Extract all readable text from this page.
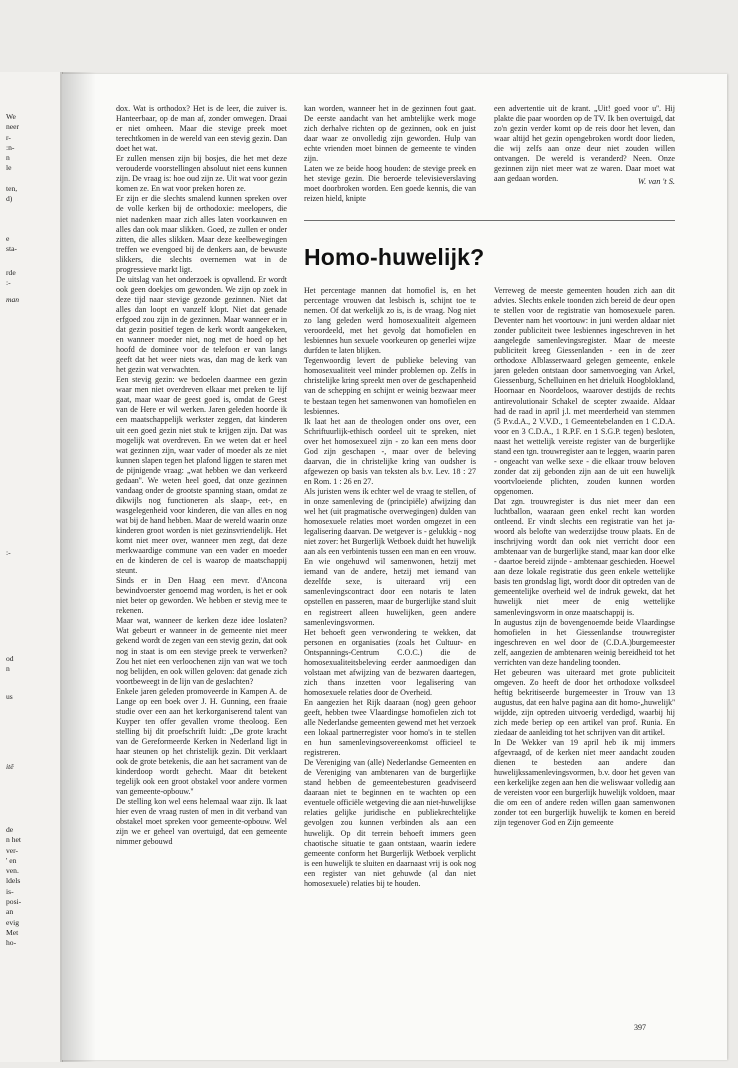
We
neer
r-
:n-
n
le
ten,
d)
e
sta-
rde
:-
man
:-
od
n
us
itê
de
n het
ver-
' en
ven.
ldels
is-
posi-
an
evig
Met
ho-

dox. Wat is orthodox? Het is de leer, die zuiver is. Hanteerbaar, op de man af, zonder omwegen. Draai er niet omheen. Maar die stevige preek moet terechtkomen in de wereld van een stevig gezin. Dan doet het wat.

Er zullen mensen zijn bij bosjes, die het met deze verouderde voorstellingen absoluut niet eens kunnen zijn. De vraag is: hoe oud zijn ze. Uit wat voor gezin komen ze. En wat voor preken horen ze.

Er zijn er die slechts smalend kunnen spreken over de volle kerken bij de orthodoxie: meelopers, die niet nadenken maar zich alles laten voorkauwen en alles dan ook maar slikken. Goed, ze zullen er onder zitten, die alles slikken. Maar deze keelbewegingen treffen we evengoed bij de denkers aan, de bewuste slikkers, die slechts overnemen wat in de progressieve markt ligt.

De uitslag van het onderzoek is opvallend. Er wordt ook geen doekjes om gewonden. We zijn op zoek in deze tijd naar stevige gezonde gezinnen. Niet dat alles dan loopt en vanzelf klopt. Niet dat genade erfgoed zou zijn in de gezinnen. Maar wanneer er in dat gezin positief tegen de kerk wordt aangekeken, en wanneer moeder niet, nog met de hoed op het hoofd de dominee voor de telefoon er van langs geeft dat het weer niets was, dan mag de kerk van het gezin wat verwachten.

Een stevig gezin: we bedoelen daarmee een gezin waar men niet overdreven elkaar met preken te lijf gaat, maar waar de geest goed is, omdat de Geest van de Here er wil werken. Jaren geleden hoorde ik een maatschappelijk werkster zeggen, dat kinderen uit een goed gezin niet stuk te krijgen zijn. Dat was mogelijk wat overdreven. En we weten dat er heel wat gezinnen zijn, waar vader of moeder als ze niet kunnen slapen tegen het plafond liggen te staren met de pijnigende vraag: „wat hebben we dan verkeerd gedaan''. We weten heel goed, dat onze gezinnen vandaag onder de grootste spanning staan, omdat ze dikwijls nog functioneren als slaap-, eet-, en wasgelegenheid voor kinderen, die van alles en nog wat bij de hand hebben. Maar de wereld waarin onze kinderen groot worden is niet gezinsvriendelijk. Het komt niet meer over, wanneer men zegt, dat deze merkwaardige commune van een vader en moeder en de kinderen de cel is waarop de maatschappij steunt.

Sinds er in Den Haag een mevr. d'Ancona bewindvoerster genoemd mag worden, is het er ook niet beter op geworden. We hebben er stevig mee te rekenen.

Maar wat, wanneer de kerken deze idee loslaten? Wat gebeurt er wanneer in de gemeente niet meer gekend wordt de zegen van een stevig gezin, dat ook nog in staat is om een stevige preek te verwerken? Zou het niet een verloochenen zijn van wat we toch nog belijden, en ook willen geloven: dat genade zich voortbeweegt in de lijn van de geslachten?

Enkele jaren geleden promoveerde in Kampen A. de Lange op een boek over J. H. Gunning, een fraaie studie over een aan het kerkorganiserend talent van Kuyper ten offer gevallen vrome theoloog. Een stelling bij dit proefschrift luidt: „De grote kracht van de Gereformeerde Kerken in Nederland ligt in haar steunen op het christelijk gezin. Dit verklaart ook de grote betekenis, die aan het sacrament van de kinderdoop wordt gehecht. Maar dit betekent tegelijk ook een groot obstakel voor andere vormen van gemeente-opbouw.''

De stelling kon wel eens helemaal waar zijn. Ik laat hier even de vraag rusten of men in dit verband van obstakel moet spreken voor gemeente-opbouw. Wel zijn we er geheel van overtuigd, dat een gemeente nimmer gebouwd

kan worden, wanneer het in de gezinnen fout gaat. De eerste aandacht van het ambtelijke werk moge zich derhalve richten op de gezinnen, ook en juist daar waar ze onvolledig zijn geworden. Hulp van echte vrienden moet binnen de gemeente te vinden zijn.

Laten we ze beide hoog houden: de stevige preek en het stevige gezin. Die beroerde televisieverslaving moet doorbroken worden. Een goede kennis, die van reizen hield, knipte

een advertentie uit de krant. „Uit! goed voor u''. Hij plakte die paar woorden op de TV. Ik ben overtuigd, dat zo'n gezin verder komt op de reis door het leven, dan waar altijd het gezin opengebroken wordt door lieden, die wij zelfs aan onze deur niet zouden willen ontvangen. De wereld is veranderd? Neen. Onze gezinnen zijn niet meer wat ze waren. Daar moet wat aan gedaan worden.	W. van 't S.
Homo-huwelijk?

Het percentage mannen dat homofiel is, en het percentage vrouwen dat lesbisch is, schijnt toe te nemen. Of dat werkelijk zo is, is de vraag. Nog niet zo lang geleden werd homosexualiteit algemeen veroordeeld, met het gevolg dat homofielen en lesbiennes hun sexuele voorkeuren op generlei wijze durfden te laten blijken.

Tegenwoordig levert de publieke beleving van homosexualiteit veel minder problemen op. Zelfs in christelijke kring spreekt men over de geschapenheid van de schepping en schijnt er weinig bezwaar meer te bestaan tegen het samenwonen van homofielen en lesbiennes.

Ik laat het aan de theologen onder ons over, een Schriftuurlijk-ethisch oordeel uit te spreken, niet over het homosexueel zijn - zo kan een mens door God zijn geschapen -, maar over de beleving daarvan, die in christelijke kring van oudsher is afgewezen op basis van teksten als b.v. Lev. 18 : 27 en Rom. 1 : 26 en 27.

Als juristen wens ik echter wel de vraag te stellen, of in onze samenleving de (principiële) afwijzing dan wel het (uit pragmatische overwegingen) dulden van homosexuele relaties moet worden omgezet in een legalisering daarvan. De wetgever is - gelukkig - nog niet zover: het Burgerlijk Wetboek duidt het huwelijk aan als een verbintenis tussen een man en een vrouw. En wie ongehuwd wil samenwonen, hetzij met iemand van de andere, hetzij met iemand van dezelfde sexe, is uiteraard vrij een samenlevingscontract door een notaris te laten opstellen en passeren, maar de burgerlijke stand sluit en registreert alleen huwelijken, geen andere samenlevingsvormen.

Het behoeft geen verwondering te wekken, dat personen en organisaties (zoals het Cultuur- en Ontspannings-Centrum C.O.C.) die de homosexualiteitsbeleving eerder aanmoedigen dan volstaan met afwijzing van de bezwaren daartegen, zich thans inzetten voor legalisering van homosexuele relaties door de Overheid.

En aangezien het Rijk daaraan (nog) geen gehoor geeft, hebben twee Vlaardingse homofielen zich tot alle Nederlandse gemeenten gewend met het verzoek een lokaal partnerregister voor homo's in te stellen en hun samenlevingsovereenkomst officieel te registreren.

De Vereniging van (alle) Nederlandse Gemeenten en de Vereniging van ambtenaren van de burgerlijke stand hebben de gemeentebesturen geadviseerd daaraan niet te beginnen en te wachten op een eventuele officiële wetgeving die aan niet-huwelijkse relaties gelijke juridische en publiekrechtelijke gevolgen zou kunnen verbinden als aan een huwelijk. Op dit terrein behoeft immers geen chaotische situatie te gaan ontstaan, waarin iedere gemeente conform het Burgerlijk Wetboek verplicht is een huwelijk te sluiten en daarnaast vrij is ook nog een register van niet gehuwde (al dan niet homosexuele) relaties bij te houden.

Verreweg de meeste gemeenten houden zich aan dit advies. Slechts enkele toonden zich bereid de deur open te stellen voor de registratie van homosexuele paren. Deventer nam het voortouw: in juni werden aldaar niet zonder publiciteit twee lesbiennes ingeschreven in het aangelegde samenlevingsregister. Maar de meeste publiciteit kreeg Giessenlanden - een in de zeer orthodoxe Alblasserwaard gelegen gemeente, enkele jaren geleden ontstaan door samenvoeging van Arkel, Giessenburg, Schelluinen en het drieluik Hoogblokland, Hoornaar en Noordeloos, waarover destijds de rechts antirevolutionair Schakel de scepter zwaaide. Aldaar had de raad in april j.l. met meerderheid van stemmen (5 P.v.d.A., 2 V.V.D., 1 Gemeentebelanden en 1 C.D.A. voor en 3 C.D.A., 1 R.P.F. en 1 S.G.P. tegen) besloten, naast het wettelijk vereiste register van de burgerlijke stand een tgn. trouwregister aan te leggen, waarin paren - ongeacht van welke sexe - die elkaar trouw beloven zonder dat zij gebonden zijn aan de uit een huwelijk voortvloeiende plichten, zouden kunnen worden opgenomen.

Dat zgn. trouwregister is dus niet meer dan een luchtballon, waaraan geen enkel recht kan worden ontleend. Er vindt slechts een registratie van het ja-woord als belofte van wederzijdse trouw plaats. En de inschrijving wordt dan ook niet verricht door een ambtenaar van de burgerlijke stand, maar kan door elke - daartoe bereid zijnde - ambtenaar geschieden. Hoewel aan deze lokale registratie dus geen enkele wettelijke basis ten grondslag ligt, wordt door dit optreden van de gemeentelijke overheid wel de indruk gewekt, dat het huwelijk niet meer de enig wettelijke samenlevingsvorm in onze maatschappij is.

In augustus zijn de bovengenoemde beide Vlaardingse homofielen in het Giessenlandse trouwregister ingeschreven en wel door de (C.D.A.)burgemeester zelf, aangezien de ambtenaren weinig bereidheid tot het verrichten van deze handeling toonden.

Het gebeuren was uiteraard met grote publiciteit omgeven. Zo heeft de door het orthodoxe volksdeel heftig bekritiseerde burgemeester in Trouw van 13 augustus, dat een halve pagina aan dit homo-„huwelijk'' wijdde, zijn optreden uitvoerig verdedigd, waarbij hij zich mede beriep op een artikel van prof. Runia. En ziedaar de aanleiding tot het schrijven van dit artikel.

In De Wekker van 19 april heb ik mij immers afgevraagd, of de kerken niet meer aandacht zouden dienen te besteden aan andere dan huwelijkssamenlevingsvormen, b.v. door het geven van een kerkelijke zegen aan hen die weliswaar volledig aan de vereisten voor een burgerlijk huwelijk voldoen, maar die om een of andere reden willen gaan samenwonen zonder tot een burgerlijk huwelijk te komen en bereid zijn tegenover God en Zijn gemeente

397
